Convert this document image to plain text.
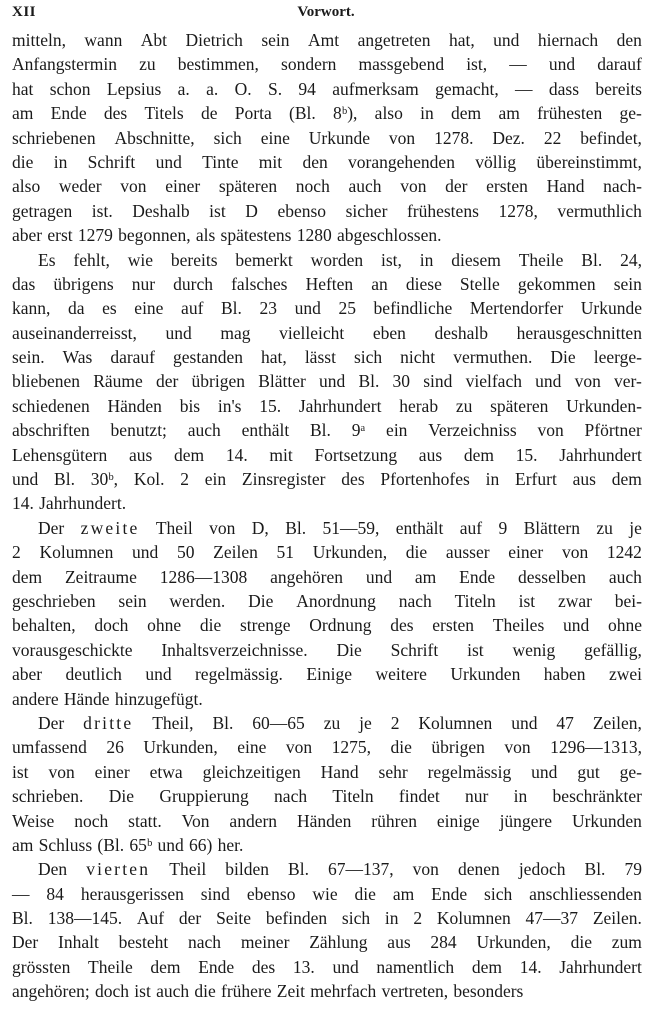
XII	Vorwort.
mitteln, wann Abt Dietrich sein Amt angetreten hat, und hiernach den
Anfangstermin zu bestimmen, sondern massgebend ist, — und darauf
hat schon Lepsius a. a. O. S. 94 aufmerksam gemacht, — dass bereits
am Ende des Titels de Porta (Bl. 8ᵇ), also in dem am frühesten ge-
schriebenen Abschnitte, sich eine Urkunde von 1278. Dez. 22 befindet,
die in Schrift und Tinte mit den vorangehenden völlig übereinstimmt,
also weder von einer späteren noch auch von der ersten Hand nach-
getragen ist. Deshalb ist D ebenso sicher frühestens 1278, vermuthlich
aber erst 1279 begonnen, als spätestens 1280 abgeschlossen.
Es fehlt, wie bereits bemerkt worden ist, in diesem Theile Bl. 24,
das übrigens nur durch falsches Heften an diese Stelle gekommen sein
kann, da es eine auf Bl. 23 und 25 befindliche Mertendorfer Urkunde
auseinanderreisst, und mag vielleicht eben deshalb herausgeschnitten
sein. Was darauf gestanden hat, lässt sich nicht vermuthen. Die leerge-
bliebenen Räume der übrigen Blätter und Bl. 30 sind vielfach und von ver-
schiedenen Händen bis in's 15. Jahrhundert herab zu späteren Urkunden-
abschriften benutzt; auch enthält Bl. 9ᵃ ein Verzeichniss von Pförtner
Lehensgütern aus dem 14. mit Fortsetzung aus dem 15. Jahrhundert
und Bl. 30ᵇ, Kol. 2 ein Zinsregister des Pfortenhofes in Erfurt aus dem
14. Jahrhundert.
Der zweite Theil von D, Bl. 51—59, enthält auf 9 Blättern zu je
2 Kolumnen und 50 Zeilen 51 Urkunden, die ausser einer von 1242
dem Zeitraume 1286—1308 angehören und am Ende desselben auch
geschrieben sein werden. Die Anordnung nach Titeln ist zwar bei-
behalten, doch ohne die strenge Ordnung des ersten Theiles und ohne
vorausgeschickte Inhaltsverzeichnisse. Die Schrift ist wenig gefällig,
aber deutlich und regelmässig. Einige weitere Urkunden haben zwei
andere Hände hinzugefügt.
Der dritte Theil, Bl. 60—65 zu je 2 Kolumnen und 47 Zeilen,
umfassend 26 Urkunden, eine von 1275, die übrigen von 1296—1313,
ist von einer etwa gleichzeitigen Hand sehr regelmässig und gut ge-
schrieben. Die Gruppierung nach Titeln findet nur in beschränkter
Weise noch statt. Von andern Händen rühren einige jüngere Urkunden
am Schluss (Bl. 65ᵇ und 66) her.
Den vierten Theil bilden Bl. 67—137, von denen jedoch Bl. 79
— 84 herausgerissen sind ebenso wie die am Ende sich anschliessenden
Bl. 138—145. Auf der Seite befinden sich in 2 Kolumnen 47—37 Zeilen.
Der Inhalt besteht nach meiner Zählung aus 284 Urkunden, die zum
grössten Theile dem Ende des 13. und namentlich dem 14. Jahrhundert
angehören; doch ist auch die frühere Zeit mehrfach vertreten, besonders
